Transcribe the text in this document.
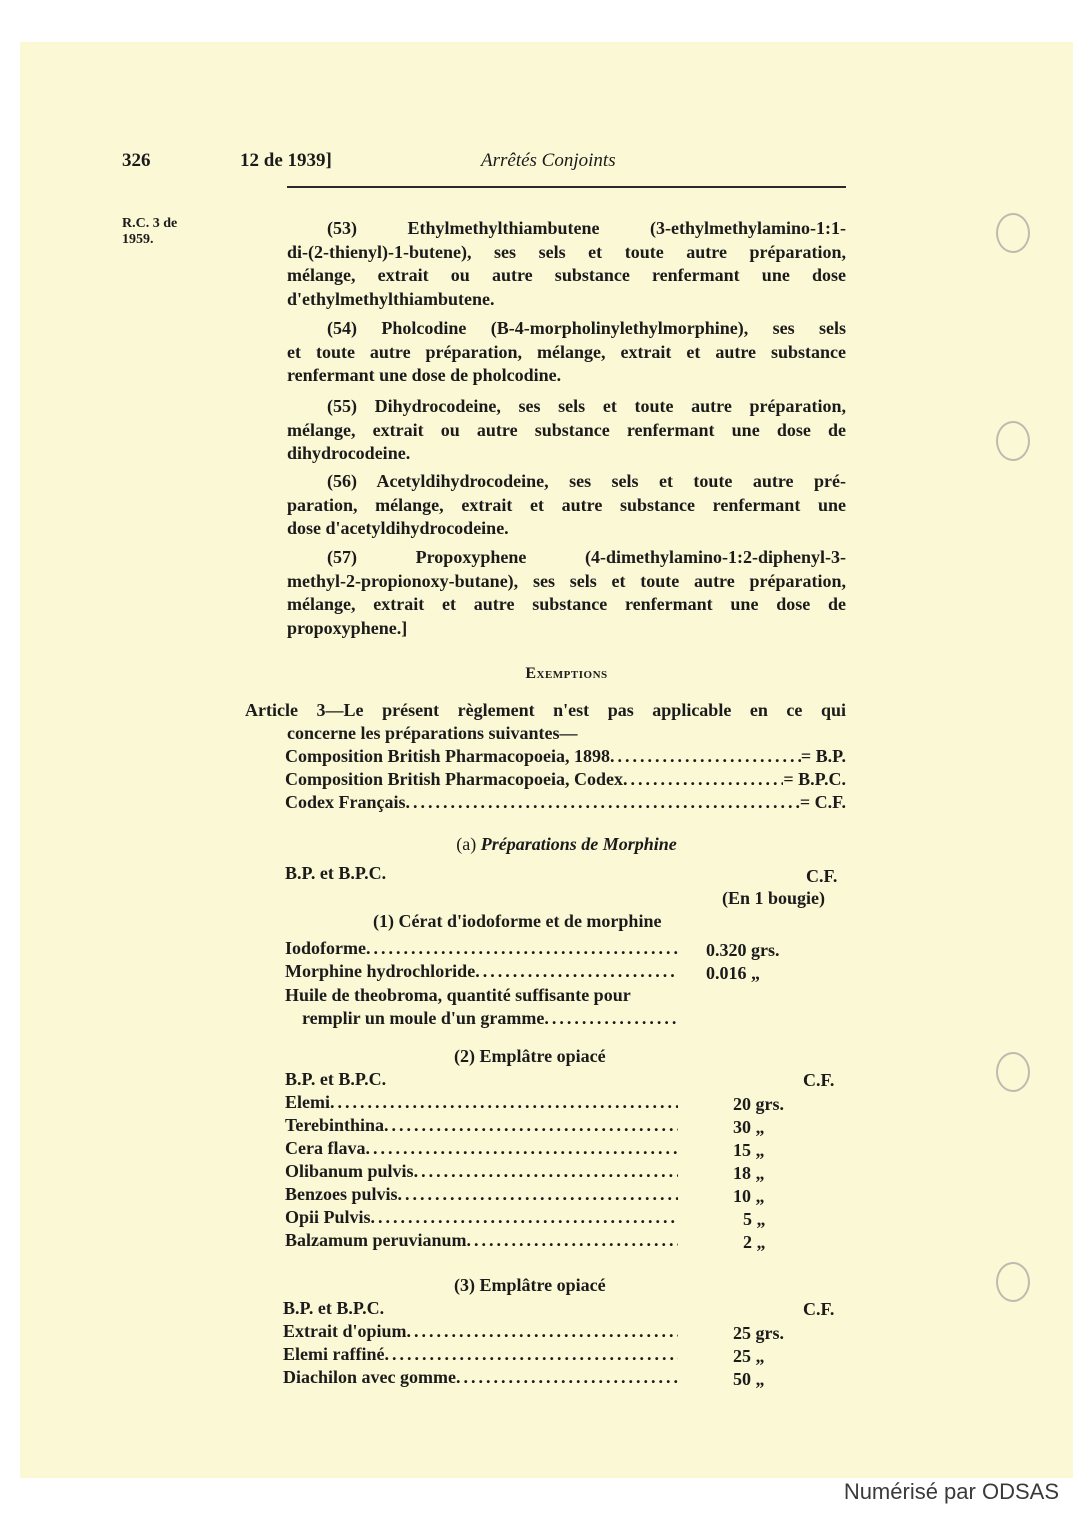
326	12 de 1939]	Arrêtés Conjoints
R.C. 3 de
1959.
(53) Ethylmethylthiambutene (3-ethylmethylamino-1:1-
di-(2-thienyl)-1-butene), ses sels et toute autre préparation,
mélange, extrait ou autre substance renfermant une dose
d'ethylmethylthiambutene.
(54) Pholcodine (B-4-morpholinylethylmorphine), ses sels
et toute autre préparation, mélange, extrait et autre substance
renfermant une dose de pholcodine.
(55) Dihydrocodeine, ses sels et toute autre préparation,
mélange, extrait ou autre substance renfermant une dose de
dihydrocodeine.
(56) Acetyldihydrocodeine, ses sels et toute autre pré-
paration, mélange, extrait et autre substance renfermant une
dose d'acetyldihydrocodeine.
(57) Propoxyphene (4-dimethylamino-1:2-diphenyl-3-
methyl-2-propionoxy-butane), ses sels et toute autre préparation,
mélange, extrait et autre substance renfermant une dose de
propoxyphene.]
Exemptions
Article 3—Le présent règlement n'est pas applicable en ce qui
concerne les préparations suivantes—
Composition British Pharmacopoeia, 1898 .....	= B.P.
Composition British Pharmacopoeia, Codex .....	= B.P.C.
Codex Français .....	= C.F.
(a) Préparations de Morphine
B.P. et B.P.C.	C.F.
(En 1 bougie)
(1) Cérat d'iodoforme et de morphine
Iodoforme .....	0.320 grs.
Morphine hydrochloride .....	0.016 „
Huile de theobroma, quantité suffisante pour
remplir un moule d'un gramme
.....
(2) Emplâtre opiacé
B.P. et B.P.C.	C.F.
Elemi .....	20 grs.
Terebinthina .....	30 „
Cera flava .....	15 „
Olibanum pulvis .....	18 „
Benzoes pulvis .....	10 „
Opii Pulvis .....	5 „
Balzamum peruvianum .....	2 „
(3) Emplâtre opiacé
B.P. et B.P.C.	C.F.
Extrait d'opium .....	25 grs.
Elemi raffiné .....	25 „
Diachilon avec gomme .....	50 „
Numérisé par ODSAS
